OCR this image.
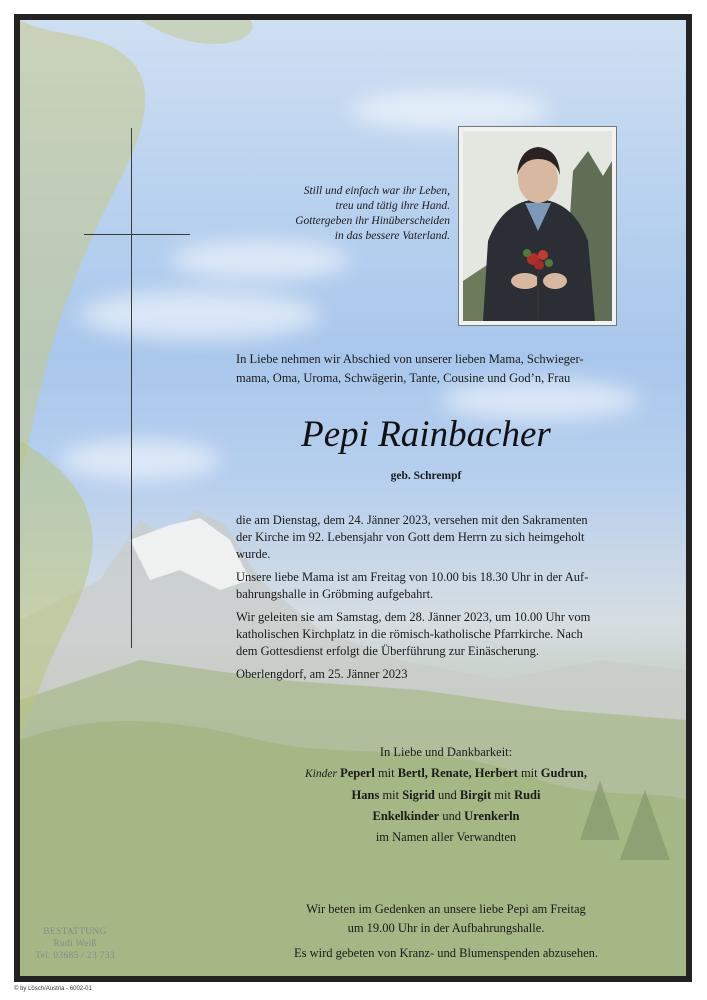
Still und einfach war ihr Leben,
treu und tätig ihre Hand.
Gottergeben ihr Hinüberscheiden
in das bessere Vaterland.
In Liebe nehmen wir Abschied von unserer lieben Mama, Schwieger-
mama, Oma, Uroma, Schwägerin, Tante, Cousine und God’n, Frau
Pepi Rainbacher
geb. Schrempf

die am Dienstag, dem 24. Jänner 2023, versehen mit den Sakramenten
der Kirche im 92. Lebensjahr von Gott dem Herrn zu sich heimgeholt
wurde.

Unsere liebe Mama ist am Freitag von 10.00 bis 18.30 Uhr in der Auf-
bahrungshalle in Gröbming aufgebahrt.

Wir geleiten sie am Samstag, dem 28. Jänner 2023, um 10.00 Uhr vom
katholischen Kirchplatz in die römisch-katholische Pfarrkirche. Nach
dem Gottesdienst erfolgt die Überführung zur Einäscherung.

Oberlengdorf, am 25. Jänner 2023

In Liebe und Dankbarkeit:
Kinder Peperl mit Bertl, Renate, Herbert mit Gudrun,
Hans mit Sigrid und Birgit mit Rudi
Enkelkinder und Urenkerln
im Namen aller Verwandten
Wir beten im Gedenken an unsere liebe Pepi am Freitag
um 19.00 Uhr in der Aufbahrungshalle.
Es wird gebeten von Kranz- und Blumenspenden abzusehen.
BESTATTUNG
Rudi Weiß
Tel. 03685 / 23 733
© by Lösch/Austria - 6002-01
